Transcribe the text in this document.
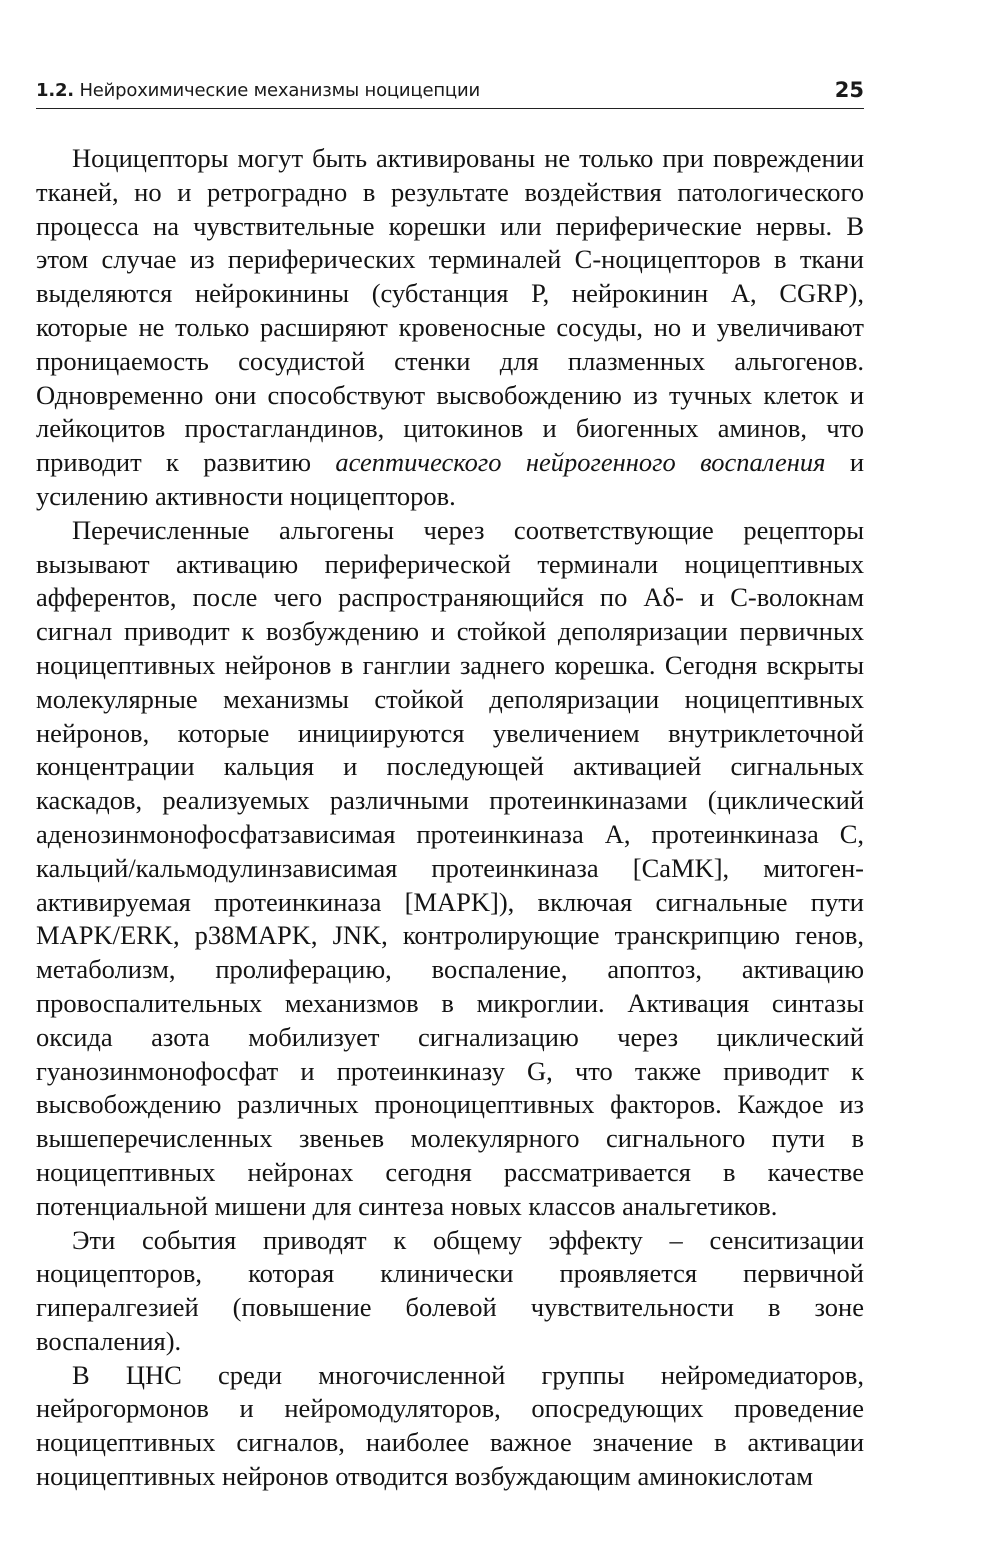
1.2. Нейрохимические механизмы ноцицепции	25

Ноцицепторы могут быть активированы не только при повреждении тканей, но и ретроградно в результате воздействия патологического процесса на чувствительные корешки или периферические нервы. В этом случае из периферических терминалей С-ноцицепторов в ткани выделяются нейрокинины (субстанция Р, нейрокинин А, CGRP), которые не только расширяют кровеносные сосуды, но и увеличивают проницаемость сосудистой стенки для плазменных альгогенов. Одновременно они способствуют высвобождению из тучных клеток и лейкоцитов простагландинов, цитокинов и биогенных аминов, что приводит к развитию асептического нейрогенного воспаления и усилению активности ноцицепторов.

Перечисленные альгогены через соответствующие рецепторы вызывают активацию периферической терминали ноцицептивных афферентов, после чего распространяющийся по Аδ- и С-волокнам сигнал приводит к возбуждению и стойкой деполяризации первичных ноцицептивных нейронов в ганглии заднего корешка. Сегодня вскрыты молекулярные механизмы стойкой деполяризации ноцицептивных нейронов, которые инициируются увеличением внутриклеточной концентрации кальция и последующей активацией сигнальных каскадов, реализуемых различными протеинкиназами (циклический аденозинмонофосфатзависимая протеинкиназа А, протеинкиназа С, кальций/кальмодулинзависимая протеинкиназа [CaMK], митоген-активируемая протеинкиназа [MAPK]), включая сигнальные пути MAPK/ERK, p38MAPK, JNK, контролирующие транскрипцию генов, метаболизм, пролиферацию, воспаление, апоптоз, активацию провоспалительных механизмов в микроглии. Активация синтазы оксида азота мобилизует сигнализацию через циклический гуанозинмонофосфат и протеинкиназу G, что также приводит к высвобождению различных проноцицептивных факторов. Каждое из вышеперечисленных звеньев молекулярного сигнального пути в ноцицептивных нейронах сегодня рассматривается в качестве потенциальной мишени для синтеза новых классов анальгетиков.

Эти события приводят к общему эффекту – сенситизации ноцицепторов, которая клинически проявляется первичной гипералгезией (повышение болевой чувствительности в зоне воспаления).

В ЦНС среди многочисленной группы нейромедиаторов, нейрогормонов и нейромодуляторов, опосредующих проведение ноцицептивных сигналов, наиболее важное значение в активации ноцицептивных нейронов отводится возбуждающим аминокислотам
